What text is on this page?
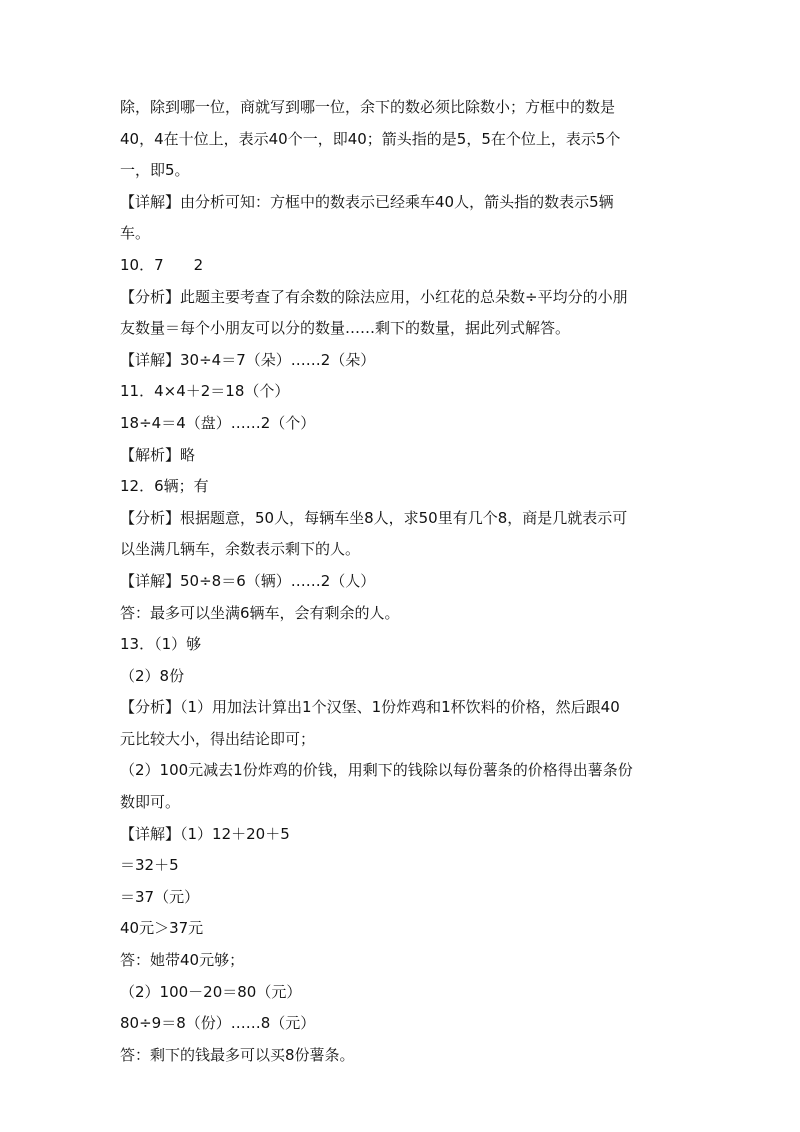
除，除到哪一位，商就写到哪一位，余下的数必须比除数小；方框中的数是
40，4在十位上，表示40个一，即40；箭头指的是5，5在个位上，表示5个
一，即5。
【详解】由分析可知：方框中的数表示已经乘车40人，箭头指的数表示5辆
车。
10．7　　2
【分析】此题主要考查了有余数的除法应用，小红花的总朵数÷平均分的小朋
友数量＝每个小朋友可以分的数量……剩下的数量，据此列式解答。
【详解】30÷4＝7（朵）……2（朵）
11．4×4＋2＝18（个）
18÷4＝4（盘）……2（个）
【解析】略
12．6辆；有
【分析】根据题意，50人，每辆车坐8人，求50里有几个8，商是几就表示可
以坐满几辆车，余数表示剩下的人。
【详解】50÷8＝6（辆）……2（人）
答：最多可以坐满6辆车，会有剩余的人。
13．（1）够
（2）8份
【分析】（1）用加法计算出1个汉堡、1份炸鸡和1杯饮料的价格，然后跟40
元比较大小，得出结论即可；
（2）100元减去1份炸鸡的价钱，用剩下的钱除以每份薯条的价格得出薯条份
数即可。
【详解】（1）12＋20＋5
＝32＋5
＝37（元）
40元＞37元
答：她带40元够；
（2）100－20＝80（元）
80÷9＝8（份）……8（元）
答：剩下的钱最多可以买8份薯条。
